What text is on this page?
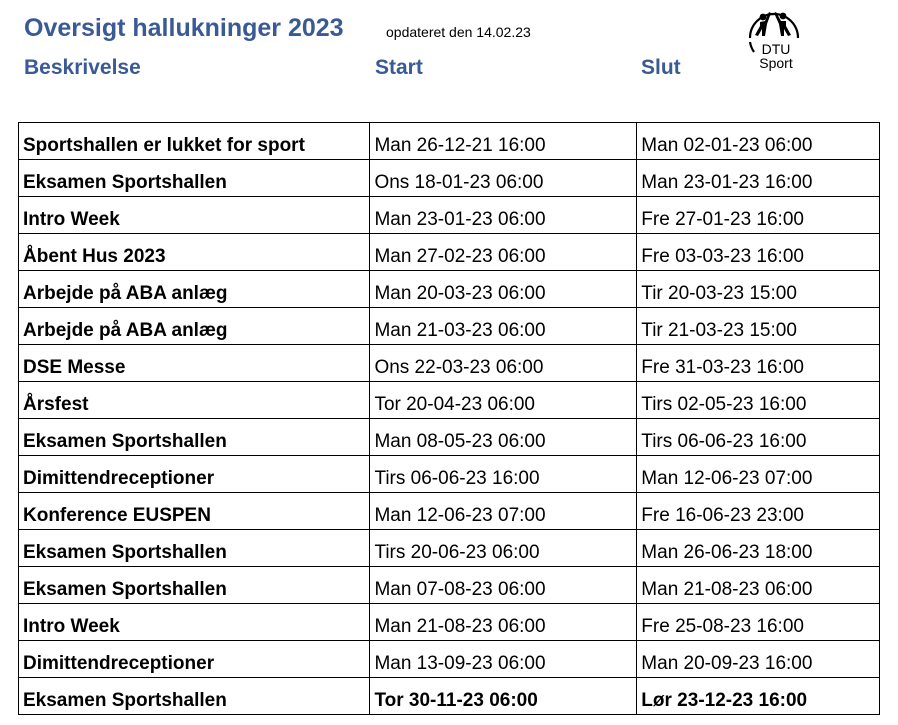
Oversigt hallukninger 2023	opdateret den 14.02.23
Beskrivelse	Start	Slut
DTU
Sport
Sportshallen er lukket for sport	Man 26-12-21 16:00	Man 02-01-23 06:00
Eksamen Sportshallen	Ons 18-01-23 06:00	Man 23-01-23 16:00
Intro Week	Man 23-01-23 06:00	Fre 27-01-23 16:00
Åbent Hus 2023	Man 27-02-23 06:00	Fre 03-03-23 16:00
Arbejde på ABA anlæg	Man 20-03-23 06:00	Tir 20-03-23 15:00
Arbejde på ABA anlæg	Man 21-03-23 06:00	Tir 21-03-23 15:00
DSE Messe	Ons 22-03-23 06:00	Fre 31-03-23 16:00
Årsfest	Tor 20-04-23 06:00	Tirs 02-05-23 16:00
Eksamen Sportshallen	Man 08-05-23 06:00	Tirs 06-06-23 16:00
Dimittendreceptioner	Tirs 06-06-23 16:00	Man 12-06-23 07:00
Konference EUSPEN	Man 12-06-23 07:00	Fre 16-06-23 23:00
Eksamen Sportshallen	Tirs 20-06-23 06:00	Man 26-06-23 18:00
Eksamen Sportshallen	Man 07-08-23 06:00	Man 21-08-23 06:00
Intro Week	Man 21-08-23 06:00	Fre 25-08-23 16:00
Dimittendreceptioner	Man 13-09-23 06:00	Man 20-09-23 16:00
Eksamen Sportshallen	Tor 30-11-23 06:00	Lør 23-12-23 16:00
